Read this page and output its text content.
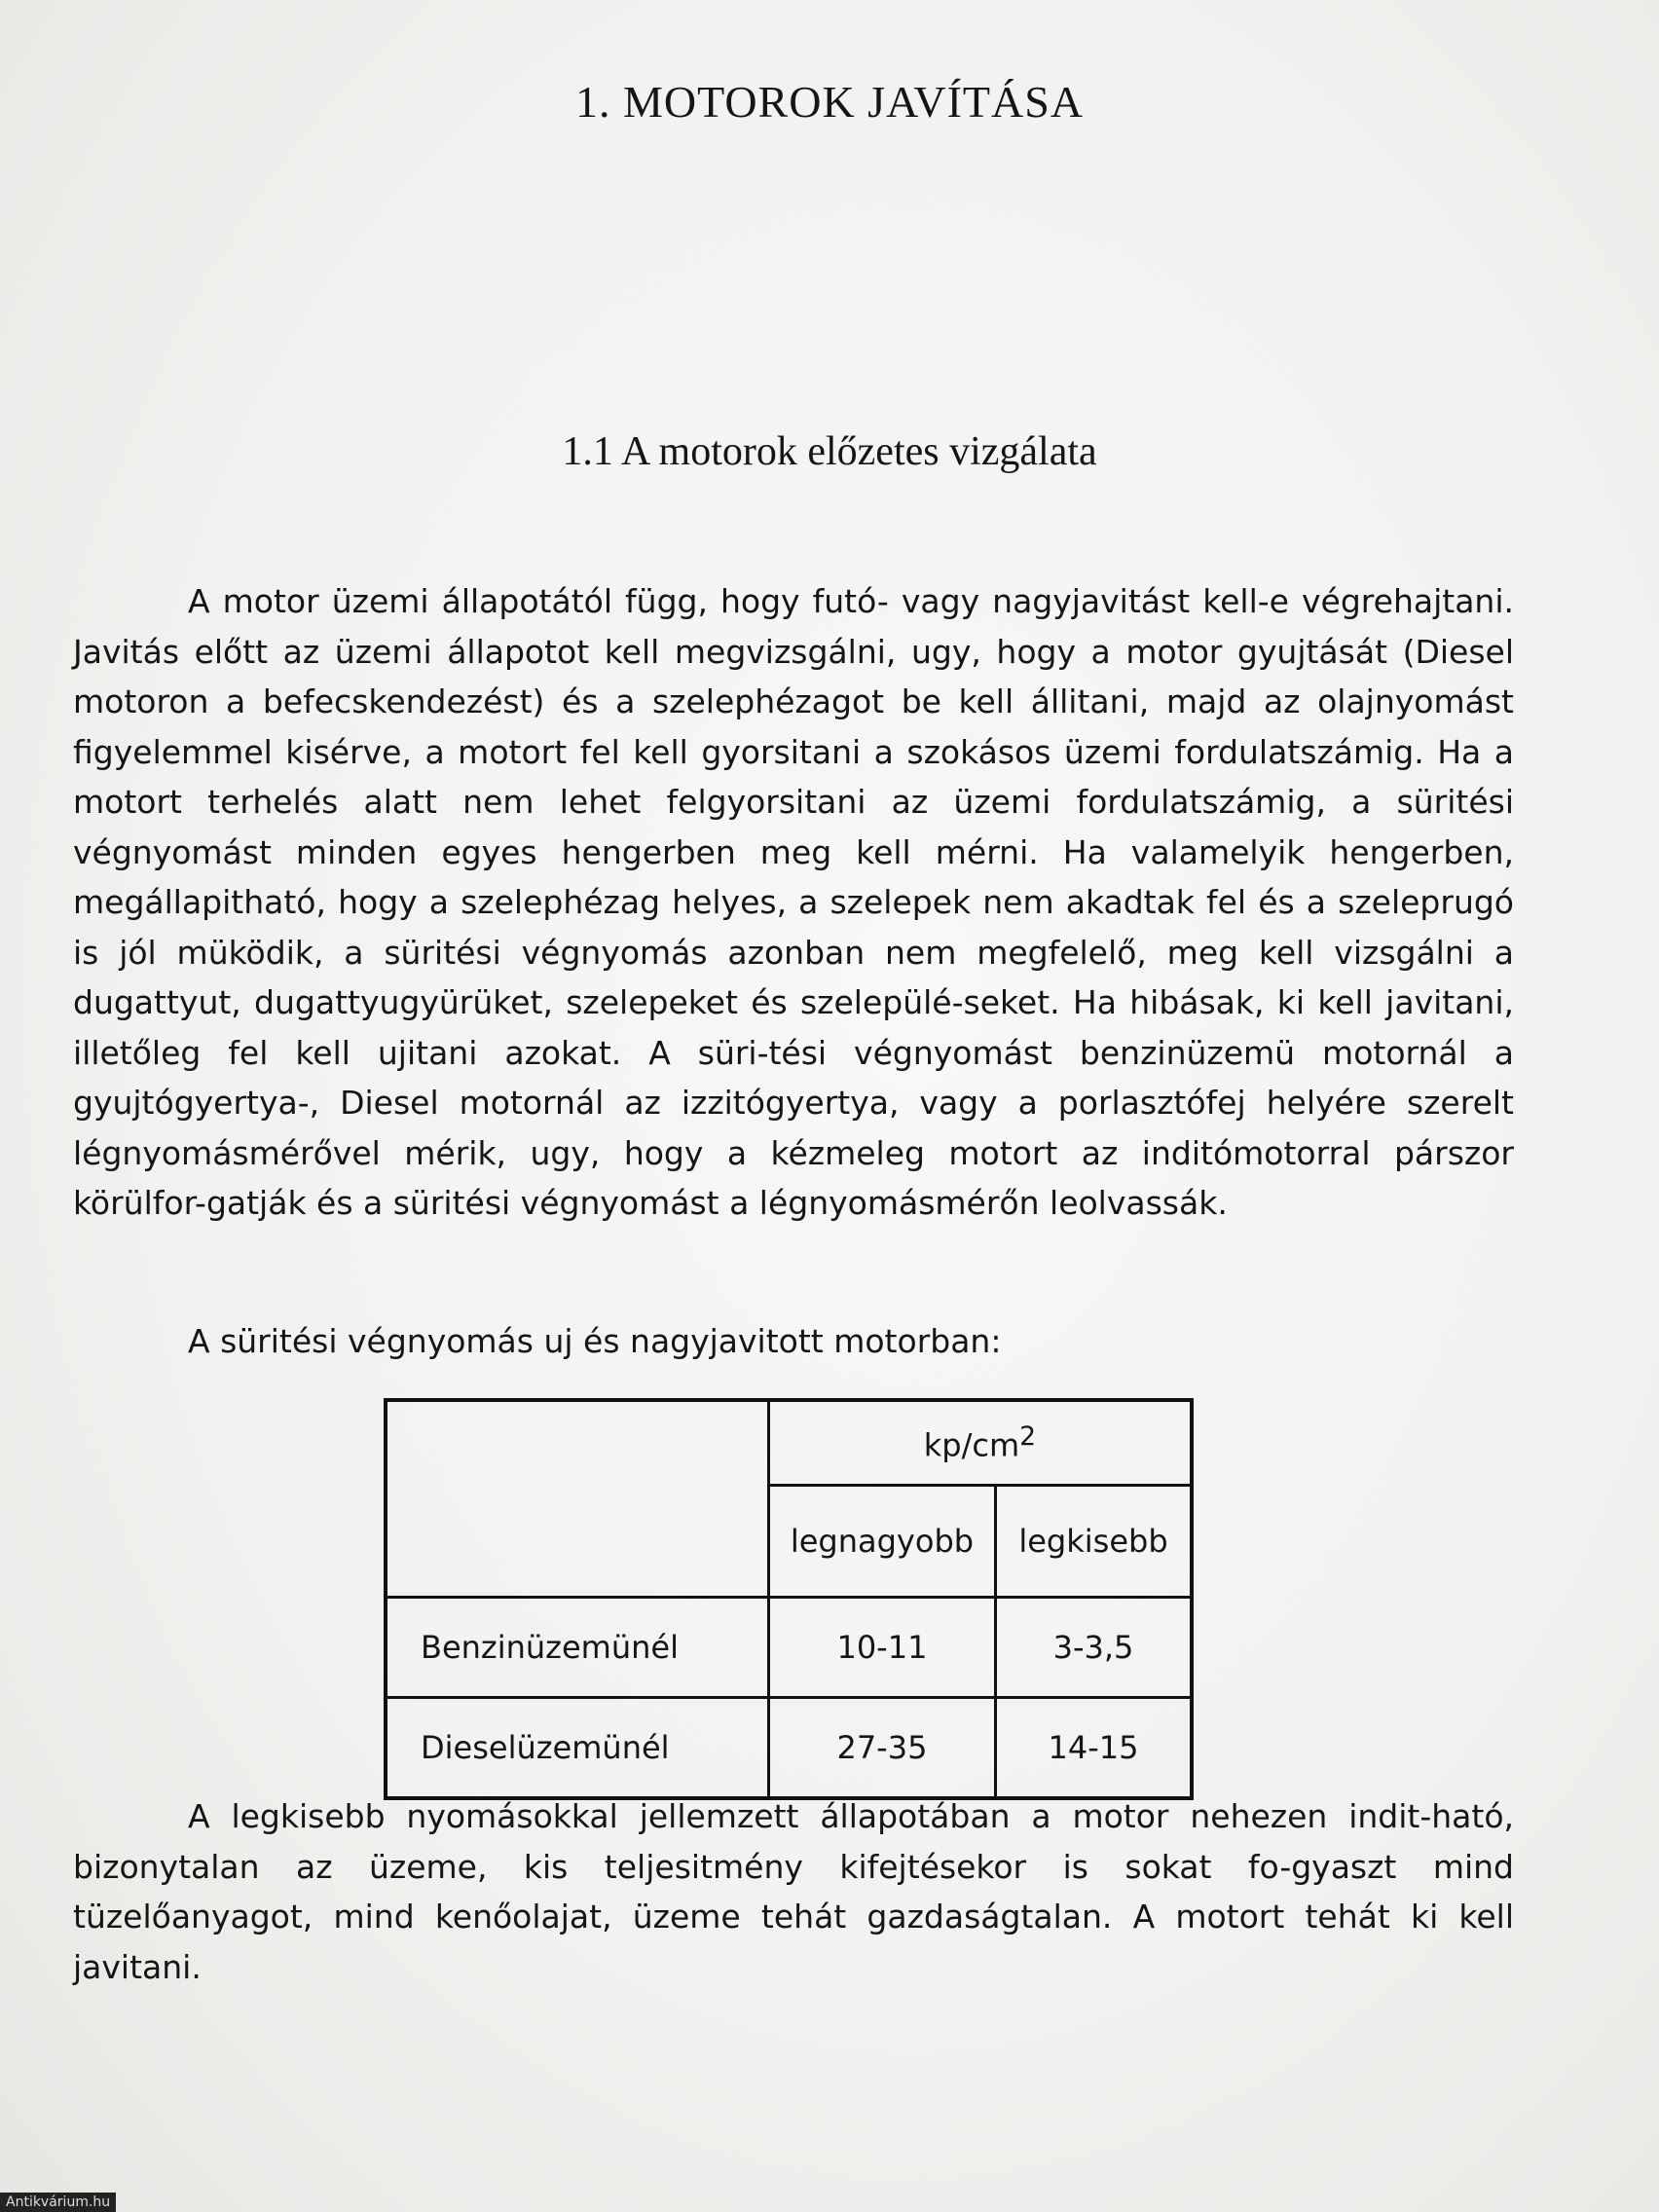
1. MOTOROK JAVÍTÁSA
1.1 A motorok előzetes vizgálata

A motor üzemi állapotától függ, hogy futó- vagy nagyjavitást kell-e végrehajtani. Javitás előtt az üzemi állapotot kell megvizsgálni, ugy, hogy a motor gyujtását (Diesel motoron a befecskendezést) és a szelephézagot be kell állitani, majd az olajnyomást figyelemmel kisérve, a motort fel kell gyorsitani a szokásos üzemi fordulatszámig. Ha a motort terhelés alatt nem lehet felgyorsitani az üzemi fordulatszámig, a süritési végnyomást minden egyes hengerben meg kell mérni. Ha valamelyik hengerben, megállapitható, hogy a szelephézag helyes, a szelepek nem akadtak fel és a szeleprugó is jól müködik, a süritési végnyomás azonban nem megfelelő, meg kell vizsgálni a dugattyut, dugattyugyürüket, szelepeket és szelepülé-seket. Ha hibásak, ki kell javitani, illetőleg fel kell ujitani azokat. A süri-tési végnyomást benzinüzemü motornál a gyujtógyertya-, Diesel motornál az izzitógyertya, vagy a porlasztófej helyére szerelt légnyomásmérővel mérik, ugy, hogy a kézmeleg motort az inditómotorral párszor körülfor-gatják és a süritési végnyomást a légnyomásmérőn leolvassák.

A süritési végnyomás uj és nagyjavitott motorban:

	$kp/cm^2$
	legnagyobb	legkisebb
Benzinüzemünél	10-11	3-3,5
Dieselüzemünél	27-35	14-15

A legkisebb nyomásokkal jellemzett állapotában a motor nehezen indit-ható, bizonytalan az üzeme, kis teljesitmény kifejtésekor is sokat fo-gyaszt mind tüzelőanyagot, mind kenőolajat, üzeme tehát gazdaságtalan. A motort tehát ki kell javitani.

Antikvárium.hu
